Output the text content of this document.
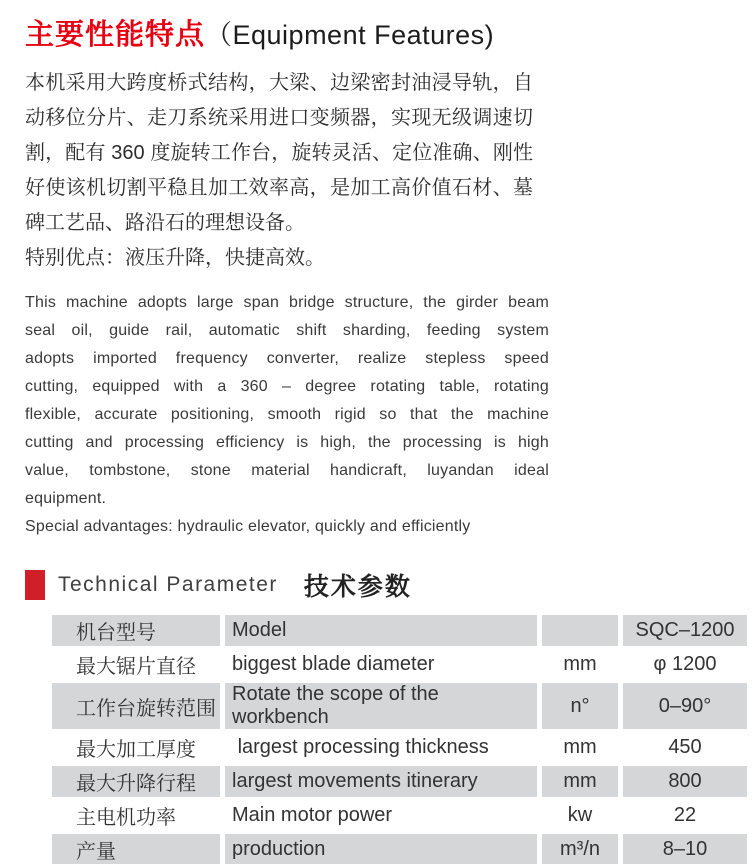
主要性能特点 （Equipment Features)
本机采用大跨度桥式结构，大梁、边梁密封油浸导轨，自
动移位分片、走刀系统采用进口变频器，实现无级调速切
割，配有 360 度旋转工作台，旋转灵活、定位准确、刚性
好使该机切割平稳且加工效率高，是加工高价值石材、墓
碑工艺品、路沿石的理想设备。
特别优点：液压升降，快捷高效。
This machine adopts large span bridge structure, the girder beam
seal oil, guide rail, automatic shift sharding, feeding system
adopts imported frequency converter, realize stepless speed
cutting, equipped with a 360 – degree rotating table, rotating
flexible, accurate positioning, smooth rigid so that the machine
cutting and processing efficiency is high, the processing is high
value, tombstone, stone material handicraft, luyandan ideal
equipment.
Special advantages: hydraulic elevator, quickly and efficiently
Technical Parameter 技术参数
机台型号	Model		SQC–1200
最大锯片直径	biggest blade diameter	mm	φ 1200
工作台旋转范围	Rotate the scope of the workbench	n°	0–90°
最大加工厚度	largest processing thickness	mm	450
最大升降行程	largest movements itinerary	mm	800
主电机功率	Main motor power	kw	22
产量	production	m³/n	8–10
